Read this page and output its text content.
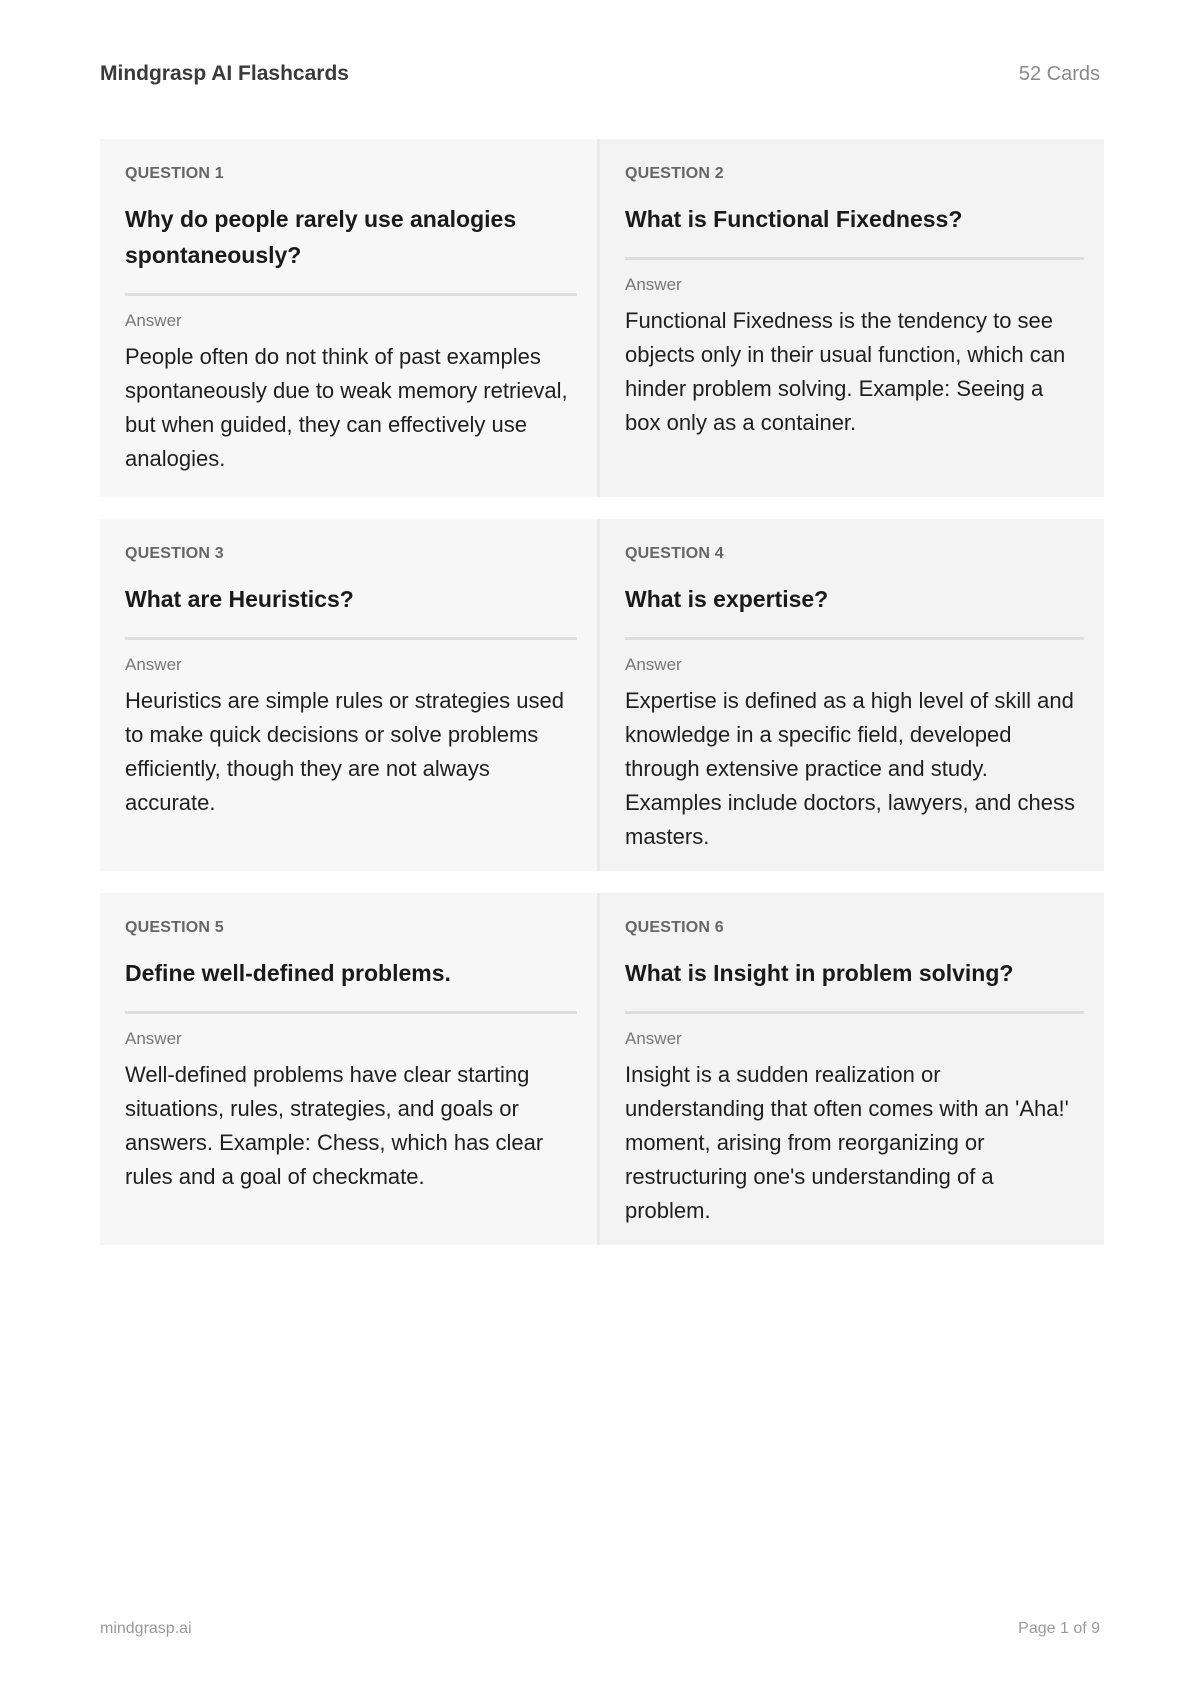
Mindgrasp AI Flashcards	52 Cards
QUESTION 1
Why do people rarely use analogies spontaneously?
Answer
People often do not think of past examples spontaneously due to weak memory retrieval, but when guided, they can effectively use analogies.
QUESTION 2
What is Functional Fixedness?
Answer
Functional Fixedness is the tendency to see objects only in their usual function, which can hinder problem solving. Example: Seeing a box only as a container.
QUESTION 3
What are Heuristics?
Answer
Heuristics are simple rules or strategies used to make quick decisions or solve problems efficiently, though they are not always accurate.
QUESTION 4
What is expertise?
Answer
Expertise is defined as a high level of skill and knowledge in a specific field, developed through extensive practice and study. Examples include doctors, lawyers, and chess masters.
QUESTION 5
Define well-defined problems.
Answer
Well-defined problems have clear starting situations, rules, strategies, and goals or answers. Example: Chess, which has clear rules and a goal of checkmate.
QUESTION 6
What is Insight in problem solving?
Answer
Insight is a sudden realization or understanding that often comes with an 'Aha!' moment, arising from reorganizing or restructuring one's understanding of a problem.
mindgrasp.ai	Page 1 of 9
